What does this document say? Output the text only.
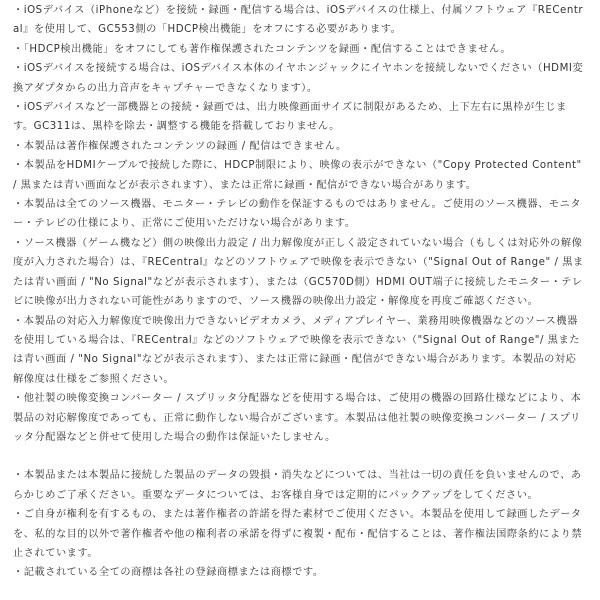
・iOSデバイス（iPhoneなど）を接続・録画・配信する場合は、iOSデバイスの仕様上、付属ソフトウェア『RECentral』を使用して、GC553側の「HDCP検出機能」をオフにする必要があります。
・「HDCP検出機能」をオフにしても著作権保護されたコンテンツを録画・配信することはできません。
・iOSデバイスを接続する場合は、iOSデバイス本体のイヤホンジャックにイヤホンを接続しないでください（HDMI変換アダプタからの出力音声をキャプチャーできなくなります）。
・iOSデバイスなど一部機器との接続・録画では、出力映像画面サイズに制限があるため、上下左右に黒枠が生じます。GC311は、黒枠を除去・調整する機能を搭載しておりません。
・本製品は著作権保護されたコンテンツの録画 / 配信はできません。
・本製品をHDMIケーブルで接続した際に、HDCP制限により、映像の表示ができない（"Copy Protected Content" / 黒または青い画面などが表示されます）、または正常に録画・配信ができない場合があります。
・本製品は全てのソース機器、モニター・テレビの動作を保証するものではありません。ご使用のソース機器、モニター・テレビの仕様により、正常にご使用いただけない場合があります。
・ソース機器（ゲーム機など）側の映像出力設定 / 出力解像度が正しく設定されていない場合（もしくは対応外の解像度が入力された場合）は、『RECentral』などのソフトウェアで映像を表示できない（"Signal Out of Range" / 黒または青い画面 / "No Signal"などが表示されます）、または（GC570D側）HDMI OUT端子に接続したモニター・テレビに映像が出力されない可能性がありますので、ソース機器の映像出力設定・解像度を再度ご確認ください。
・本製品の対応入力解像度で映像出力できないビデオカメラ、メディアプレイヤー、業務用映像機器などのソース機器を使用している場合は、『RECentral』などのソフトウェアで映像を表示できない（"Signal Out of Range"/ 黒または青い画面 / "No Signal"などが表示されます）、または正常に録画・配信ができない場合があります。本製品の対応解像度は仕様をご参照ください。
・他社製の映像変換コンバーター / スプリッタ分配器などを使用する場合は、ご使用の機器の回路仕様などにより、本製品の対応解像度であっても、正常に動作しない場合がございます。本製品は他社製の映像変換コンバーター / スプリッタ分配器などと併せて使用した場合の動作は保証いたしません。
・本製品または本製品に接続した製品のデータの毀損・消失などについては、当社は一切の責任を負いませんので、あらかじめご了承ください。重要なデータについては、お客様自身では定期的にバックアップをしてください。
・ご自身が権利を有するもの、または著作権者の許諾を得た素材でご使用ください。本製品を使用して録画したデータを、私的な目的以外で著作権者や他の権利者の承諾を得ずに複製・配布・配信することは、著作権法国際条約により禁止されています。
・記載されている全ての商標は各社の登録商標または商標です。
